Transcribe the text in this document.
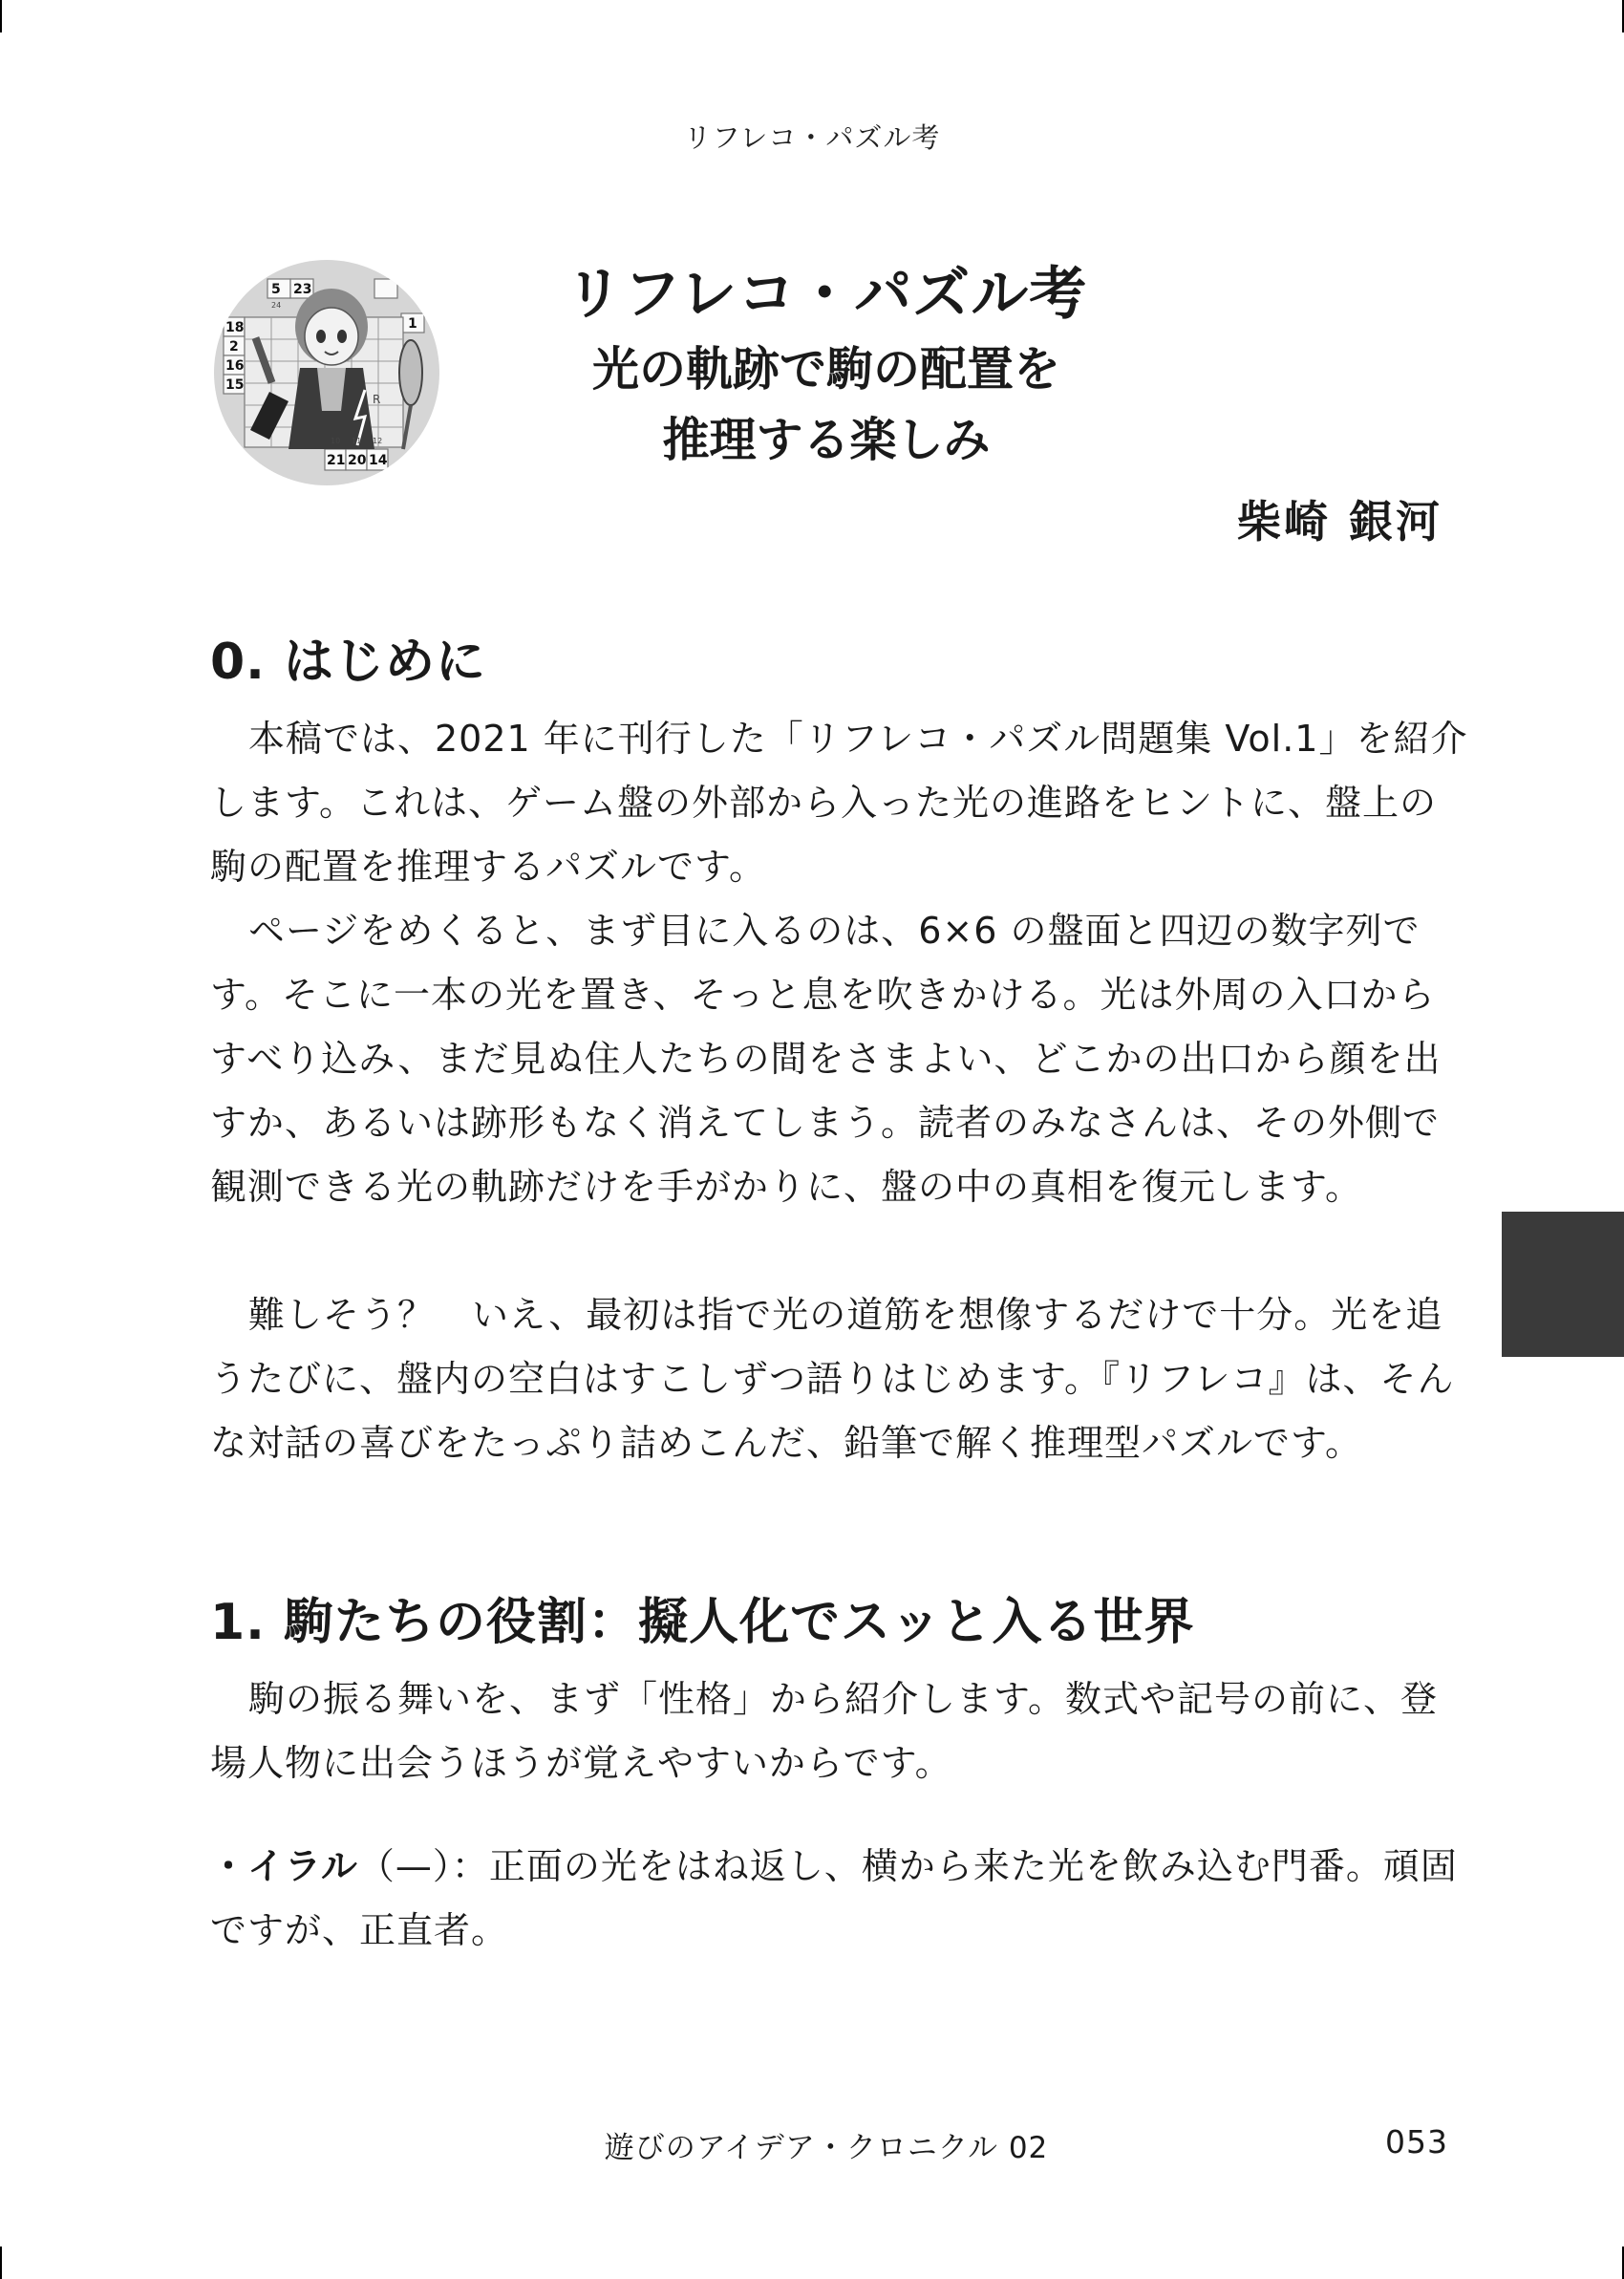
リフレコ・パズル考
5 23
18
2
16
15
1
21 20 14
10 11 12
24
R
リフレコ・パズル考
光の軌跡で駒の配置を
推理する楽しみ
柴崎 銀河
0. はじめに

本稿では、2021 年に刊行した「リフレコ・パズル問題集 Vol.1」を紹介します。これは、ゲーム盤の外部から入った光の進路をヒントに、盤上の駒の配置を推理するパズルです。

ページをめくると、まず目に入るのは、6×6 の盤面と四辺の数字列です。そこに一本の光を置き、そっと息を吹きかける。光は外周の入口からすべり込み、まだ見ぬ住人たちの間をさまよい、どこかの出口から顔を出すか、あるいは跡形もなく消えてしまう。読者のみなさんは、その外側で観測できる光の軌跡だけを手がかりに、盤の中の真相を復元します。

難しそう？　いえ、最初は指で光の道筋を想像するだけで十分。光を追うたびに、盤内の空白はすこしずつ語りはじめます。『リフレコ』は、そんな対話の喜びをたっぷり詰めこんだ、鉛筆で解く推理型パズルです。

1. 駒たちの役割：擬人化でスッと入る世界

駒の振る舞いを、まず「性格」から紹介します。数式や記号の前に、登場人物に出会うほうが覚えやすいからです。

・イラル（—）：正面の光をはね返し、横から来た光を飲み込む門番。頑固ですが、正直者。

遊びのアイデア・クロニクル 02	053
